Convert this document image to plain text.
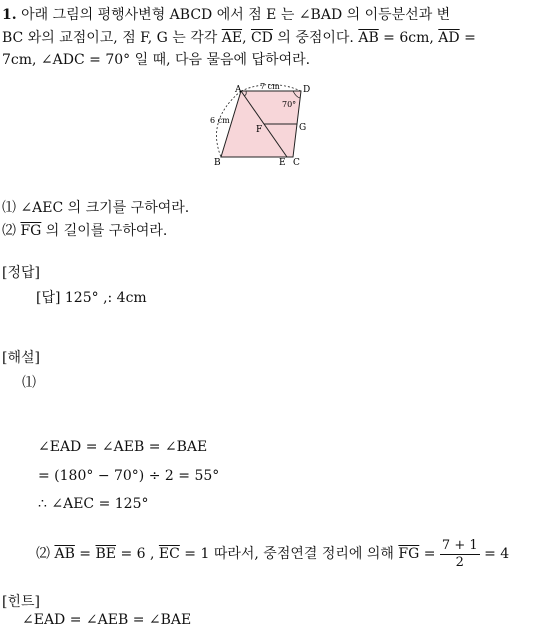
1. 아래 그림의 평행사변형 ABCD 에서 점 E 는 ∠BAD 의 이등분선과 변
BC 와의 교점이고, 점 F, G 는 각각 $\overline{AE}$, $\overline{CD}$ 의 중점이다. $\overline{AB} = 6cm$, $\overline{AD}$ =
7cm, ∠ADC = 70° 일 때, 다음 물음에 답하여라.
A	D
B	E C
F	G
7 cm
6 cm
70°
⑴ ∠AEC 의 크기를 구하여라.
⑵ $\overline{FG}$ 의 길이를 구하여라.
[정답]
[답] 125° ,: 4cm
[해설]
⑴
∠EAD = ∠AEB = ∠BAE
= (180° − 70°) ÷ 2 = 55°
∴ ∠AEC = 125°
⑵ $\overline{AB} = \overline{BE} = 6$ , $\overline{EC} = 1$ 따라서, 중점연결 정리에 의해 $\overline{FG} = \frac{7 + 1}{2} = 4$
[힌트]
∠EAD = ∠AEB = ∠BAE
